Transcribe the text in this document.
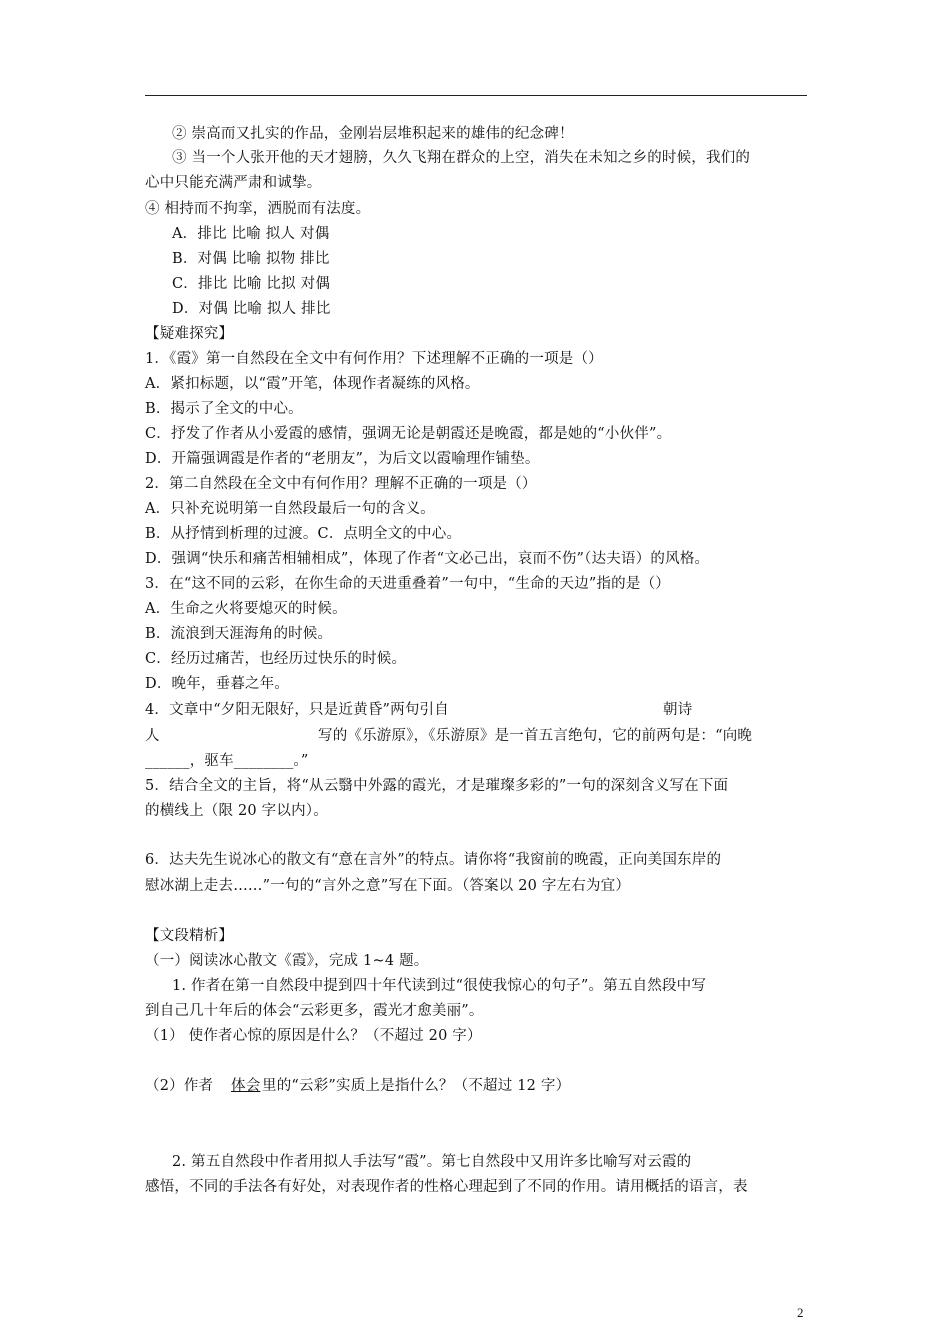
② 崇高而又扎实的作品，金刚岩层堆积起来的雄伟的纪念碑！
③ 当一个人张开他的天才翅膀，久久飞翔在群众的上空，消失在未知之乡的时候，我们的
心中只能充满严肃和诚挚。
④ 相持而不拘挛，洒脱而有法度。
A．排比 比喻 拟人 对偶
B．对偶 比喻 拟物 排比
C．排比 比喻 比拟 对偶
D．对偶 比喻 拟人 排比
【疑难探究】
1．《霞》第一自然段在全文中有何作用？下述理解不正确的一项是（）
A．紧扣标题，以“霞”开笔，体现作者凝练的风格。
B．揭示了全文的中心。
C．抒发了作者从小爱霞的感情，强调无论是朝霞还是晚霞，都是她的“小伙伴”。
D．开篇强调霞是作者的“老朋友”，为后文以霞喻理作铺垫。
2．第二自然段在全文中有何作用？理解不正确的一项是（）
A．只补充说明第一自然段最后一句的含义。
B．从抒情到析理的过渡。C．点明全文的中心。
D．强调“快乐和痛苦相辅相成”，体现了作者“文必己出，哀而不伤”（达夫语）的风格。
3．在“这不同的云彩，在你生命的天进重叠着”一句中，“生命的天边”指的是（）
A．生命之火将要熄灭的时候。
B．流浪到天涯海角的时候。
C．经历过痛苦，也经历过快乐的时候。
D．晚年，垂暮之年。
4．文章中“夕阳无限好，只是近黄昏”两句引自	朝诗
人	写的《乐游原》，《乐游原》是一首五言绝句，它的前两句是：“向晚
______，驱车________。”
5．结合全文的主旨，将“从云翳中外露的霞光，才是璀璨多彩的”一句的深刻含义写在下面
的横线上（限 20 字以内）。
6．达夫先生说冰心的散文有“意在言外”的特点。请你将“我窗前的晚霞，正向美国东岸的
慰冰湖上走去……”一句的“言外之意”写在下面。（答案以 20 字左右为宜）
【文段精析】
（一）阅读冰心散文《霞》，完成 1~4 题。
1. 作者在第一自然段中提到四十年代读到过“很使我惊心的句子”。第五自然段中写
到自己几十年后的体会“云彩更多，霞光才愈美丽”。
（1） 使作者心惊的原因是什么？（不超过 20 字）
（2）作者 体会 里的“云彩”实质上是指什么？（不超过 12 字）
2. 第五自然段中作者用拟人手法写“霞”。第七自然段中又用许多比喻写对云霞的
感悟，不同的手法各有好处，对表现作者的性格心理起到了不同的作用。请用概括的语言，表
2
